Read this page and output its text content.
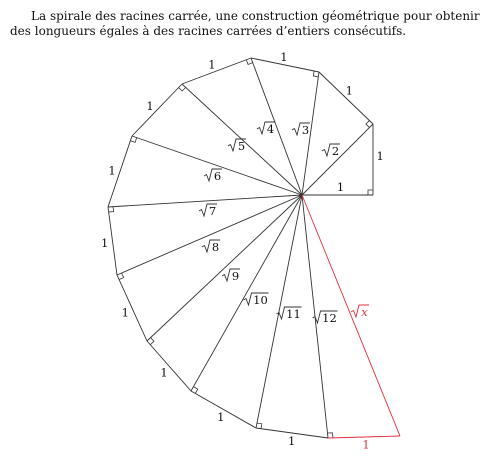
La spirale des racines carrée, une construction géométrique pour obtenir des longueurs égales à des racines carrées d’entiers consécutifs.

1
1
1
1
1
1
1
1
1
1
1	1
1
2
3
4
5
6
7
8
9
10
11 12 x
